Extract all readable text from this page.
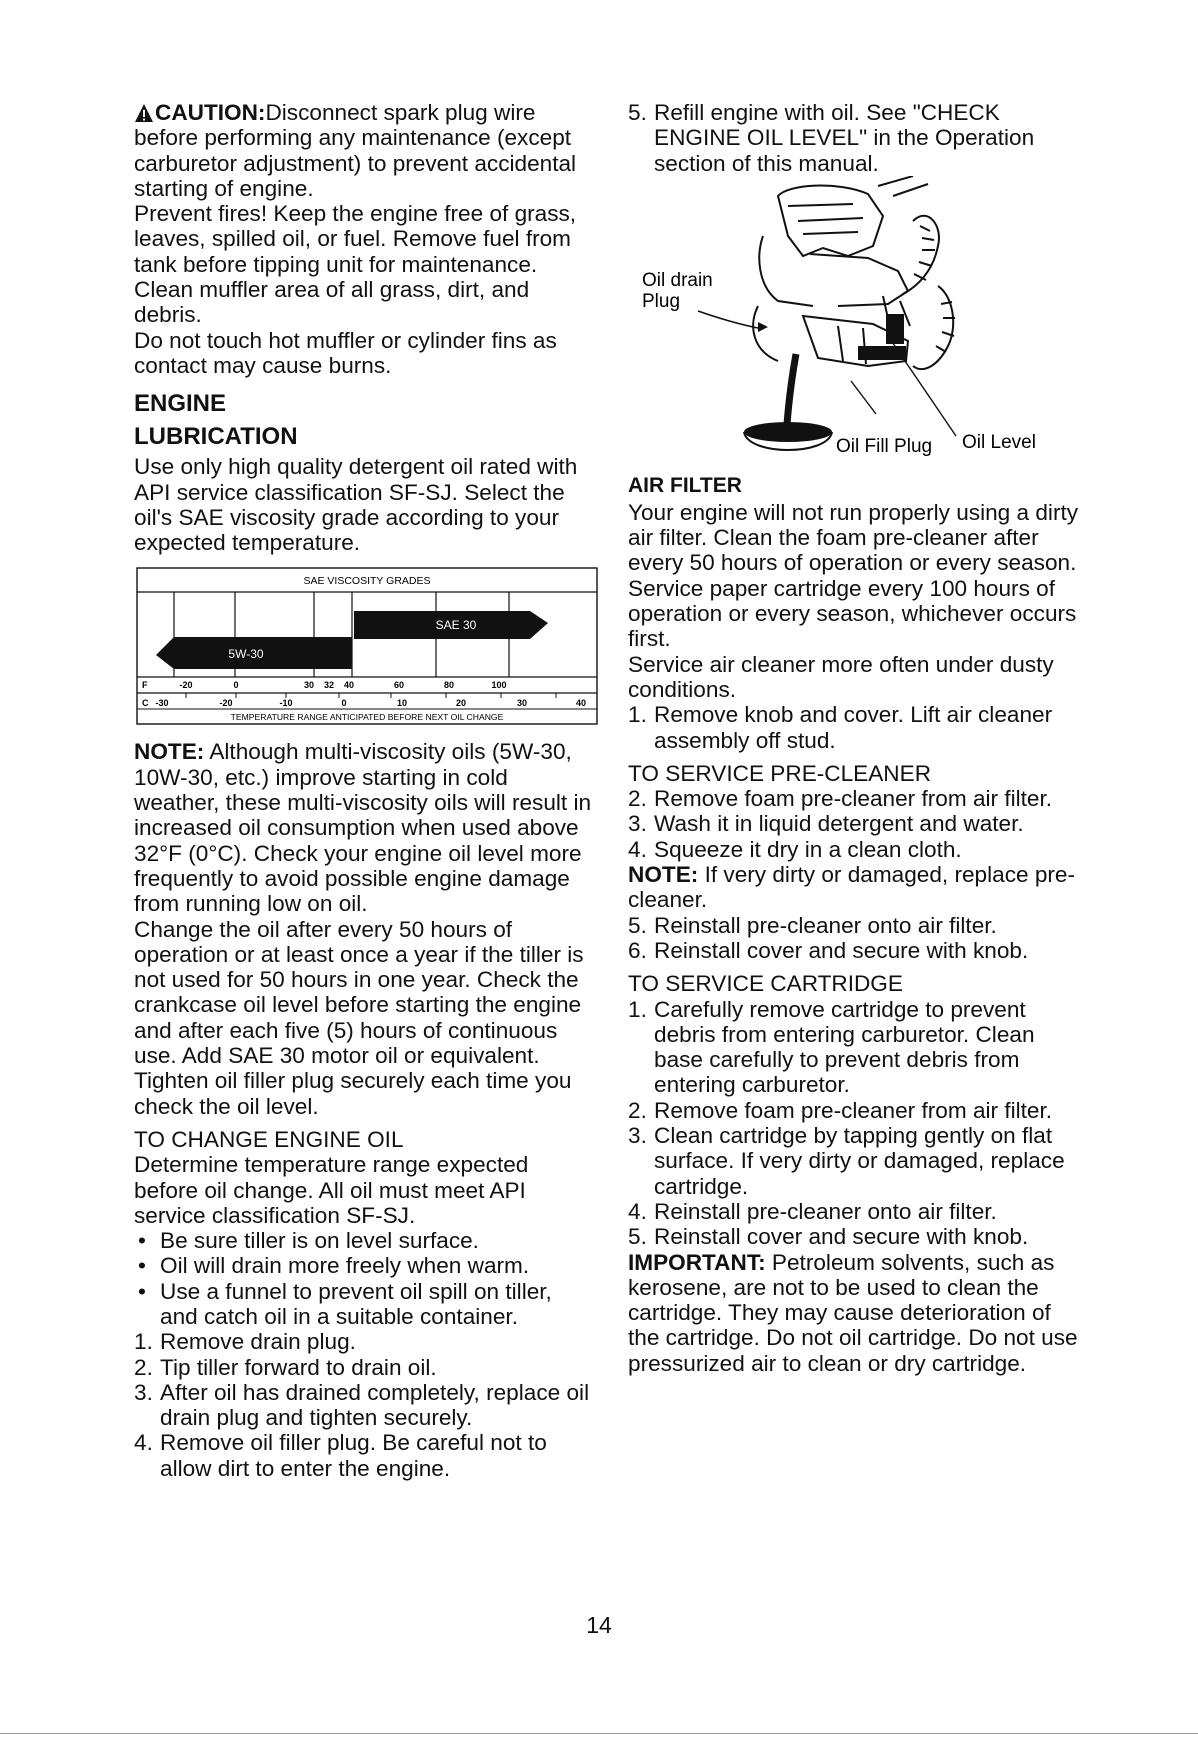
CAUTION:Disconnect spark plug wire before performing any maintenance (except carburetor adjustment) to prevent accidental starting of engine.

Prevent fires! Keep the engine free of grass, leaves, spilled oil, or fuel. Remove fuel from tank before tipping unit for maintenance. Clean muffler area of all grass, dirt, and debris.

Do not touch hot muffler or cylinder fins as contact may cause burns.

ENGINE
LUBRICATION

Use only high quality detergent oil rated with API service classification SF-SJ. Select the oil's SAE viscosity grade according to your expected temperature.

SAE VISCOSITY GRADES
SAE 30
5W-30
F	-20	0	30 32 40	60	80	100
C -30	-20	-10	0	10	20	30	40
TEMPERATURE RANGE ANTICIPATED BEFORE NEXT OIL CHANGE

NOTE: Although multi-viscosity oils (5W-30, 10W-30, etc.) improve starting in cold weather, these multi-viscosity oils will result in increased oil consumption when used above 32°F (0°C). Check your engine oil level more frequently to avoid possible engine damage from running low on oil.

Change the oil after every 50 hours of operation or at least once a year if the tiller is not used for 50 hours in one year. Check the crankcase oil level before starting the engine and after each five (5) hours of continuous use. Add SAE 30 motor oil or equivalent. Tighten oil filler plug securely each time you check the oil level.

TO CHANGE ENGINE OIL

Determine temperature range expected before oil change. All oil must meet API service classification SF-SJ.

• Be sure tiller is on level surface.
• Oil will drain more freely when warm.
• Use a funnel to prevent oil spill on tiller, and catch oil in a suitable container.
1. Remove drain plug.
2. Tip tiller forward to drain oil.
3. After oil has drained completely, replace oil drain plug and tighten securely.
4. Remove oil filler plug. Be careful not to allow dirt to enter the engine.
5. Refill engine with oil. See "CHECK ENGINE OIL LEVEL" in the Operation section of this manual.
Oil drain
Plug
Oil Level
Oil Fill Plug
AIR FILTER

Your engine will not run properly using a dirty air filter. Clean the foam pre-cleaner after every 50 hours of operation or every season. Service paper cartridge every 100 hours of operation or every season, whichever occurs first.

Service air cleaner more often under dusty conditions.

1. Remove knob and cover. Lift air cleaner assembly off stud.

TO SERVICE PRE-CLEANER

2. Remove foam pre-cleaner from air filter.
3. Wash it in liquid detergent and water.
4. Squeeze it dry in a clean cloth.

NOTE: If very dirty or damaged, replace pre-cleaner.

5. Reinstall pre-cleaner onto air filter.
6. Reinstall cover and secure with knob.

TO SERVICE CARTRIDGE

1. Carefully remove cartridge to prevent debris from entering carburetor. Clean base carefully to prevent debris from entering carburetor.
2. Remove foam pre-cleaner from air filter.
3. Clean cartridge by tapping gently on flat surface. If very dirty or damaged, replace cartridge.
4. Reinstall pre-cleaner onto air filter.
5. Reinstall cover and secure with knob.

IMPORTANT: Petroleum solvents, such as kerosene, are not to be used to clean the cartridge. They may cause deterioration of the cartridge. Do not oil cartridge. Do not use pressurized air to clean or dry cartridge.

14
